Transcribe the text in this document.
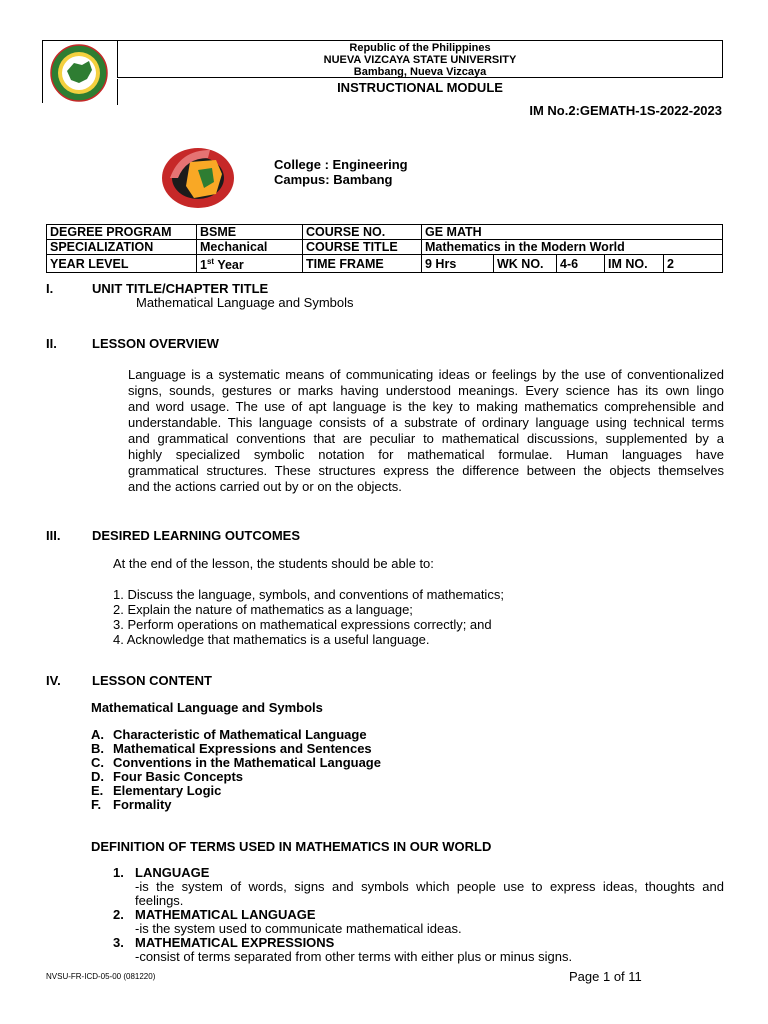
Republic of the Philippines
NUEVA VIZCAYA STATE UNIVERSITY
Bambang, Nueva Vizcaya
INSTRUCTIONAL MODULE
IM No.2:GEMATH-1S-2022-2023
College : Engineering
Campus: Bambang
DEGREE PROGRAM	BSME	COURSE NO.	GE MATH				
SPECIALIZATION	Mechanical	COURSE TITLE	Mathematics in the Modern World				
YEAR LEVEL	1st Year	TIME FRAME	9 Hrs	WK NO.	4-6	IM NO.	2
I.	UNIT TITLE/CHAPTER TITLE
Mathematical Language and Symbols
II.	LESSON OVERVIEW
Language is a systematic means of communicating ideas or feelings by the use of conventionalized
signs, sounds, gestures or marks having understood meanings. Every science has its own lingo
and word usage. The use of apt language is the key to making mathematics comprehensible and
understandable. This language consists of a substrate of ordinary language using technical terms
and grammatical conventions that are peculiar to mathematical discussions, supplemented by a
highly specialized symbolic notation for mathematical formulae. Human languages have
grammatical structures. These structures express the difference between the objects themselves
and the actions carried out by or on the objects.
III. DESIRED LEARNING OUTCOMES
At the end of the lesson, the students should be able to:
1. Discuss the language, symbols, and conventions of mathematics;
2. Explain the nature of mathematics as a language;
3. Perform operations on mathematical expressions correctly; and
4. Acknowledge that mathematics is a useful language.
IV. LESSON CONTENT
Mathematical Language and Symbols
A. Characteristic of Mathematical Language
B. Mathematical Expressions and Sentences
C. Conventions in the Mathematical Language
D. Four Basic Concepts
E. Elementary Logic
F. Formality
DEFINITION OF TERMS USED IN MATHEMATICS IN OUR WORLD
1. LANGUAGE
-is the system of words, signs and symbols which people use to express ideas, thoughts and
feelings.
2. MATHEMATICAL LANGUAGE
-is the system used to communicate mathematical ideas.
3. MATHEMATICAL EXPRESSIONS
-consist of terms separated from other terms with either plus or minus signs.
NVSU-FR-ICD-05-00 (081220)	Page 1 of 11
